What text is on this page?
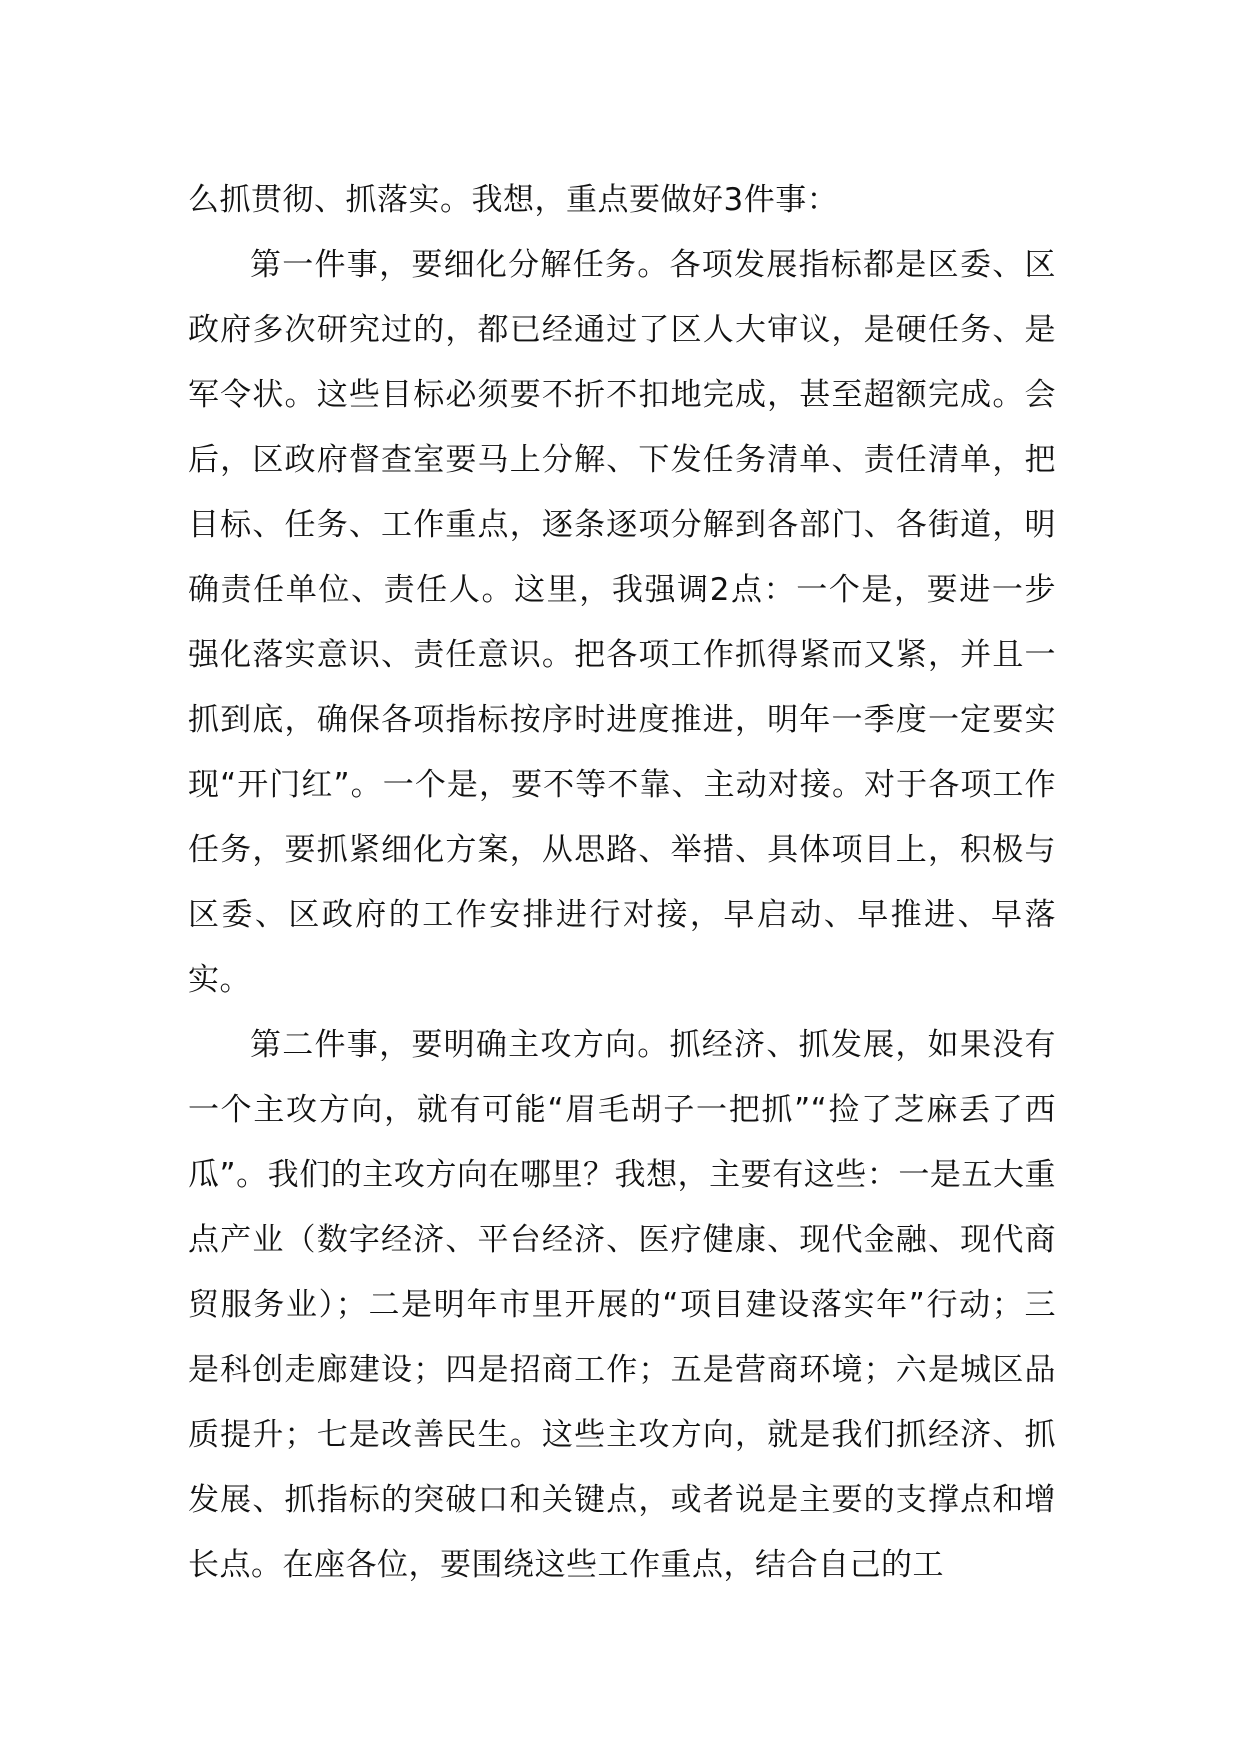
么抓贯彻、抓落实。我想，重点要做好3件事：

第一件事，要细化分解任务。各项发展指标都是区委、区政府多次研究过的，都已经通过了区人大审议，是硬任务、是军令状。这些目标必须要不折不扣地完成，甚至超额完成。会后，区政府督查室要马上分解、下发任务清单、责任清单，把目标、任务、工作重点，逐条逐项分解到各部门、各街道，明确责任单位、责任人。这里，我强调2点：一个是，要进一步强化落实意识、责任意识。把各项工作抓得紧而又紧，并且一抓到底，确保各项指标按序时进度推进，明年一季度一定要实现“开门红”。一个是，要不等不靠、主动对接。对于各项工作任务，要抓紧细化方案，从思路、举措、具体项目上，积极与区委、区政府的工作安排进行对接，早启动、早推进、早落实。

第二件事，要明确主攻方向。抓经济、抓发展，如果没有一个主攻方向，就有可能“眉毛胡子一把抓”“捡了芝麻丢了西瓜”。我们的主攻方向在哪里？我想，主要有这些：一是五大重点产业（数字经济、平台经济、医疗健康、现代金融、现代商贸服务业）；二是明年市里开展的“项目建设落实年”行动；三是科创走廊建设；四是招商工作；五是营商环境；六是城区品质提升；七是改善民生。这些主攻方向，就是我们抓经济、抓发展、抓指标的突破口和关键点，或者说是主要的支撑点和增长点。在座各位，要围绕这些工作重点，结合自己的工
